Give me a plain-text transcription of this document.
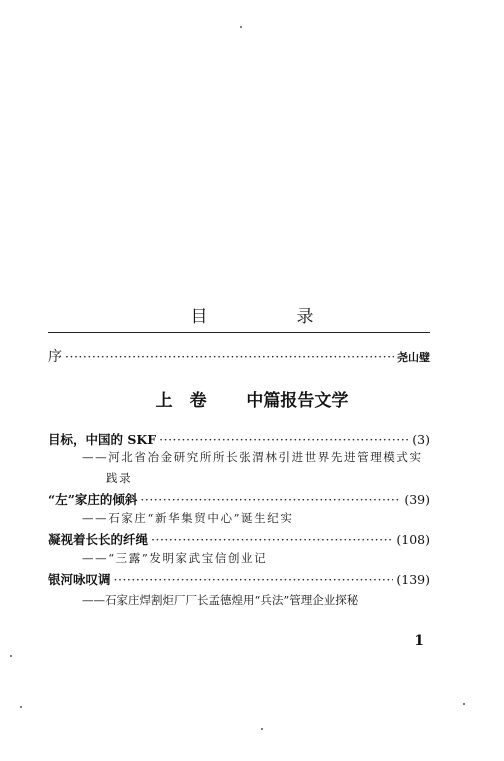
目　录
序 ·····	尧山璧
上　卷 中篇报告文学
目标，中国的 SKF ·····	(3)
——河北省冶金研究所所长张渭林引进世界先进管理模式实
践录
“左”家庄的倾斜 ·····	(39)
——石家庄“新华集贸中心”诞生纪实
凝视着长长的纤绳 ·····	(108)
——“三露”发明家武宝信创业记
银河咏叹调 ·····	(139)
——石家庄焊割炬厂厂长孟德煌用“兵法”管理企业探秘
1
